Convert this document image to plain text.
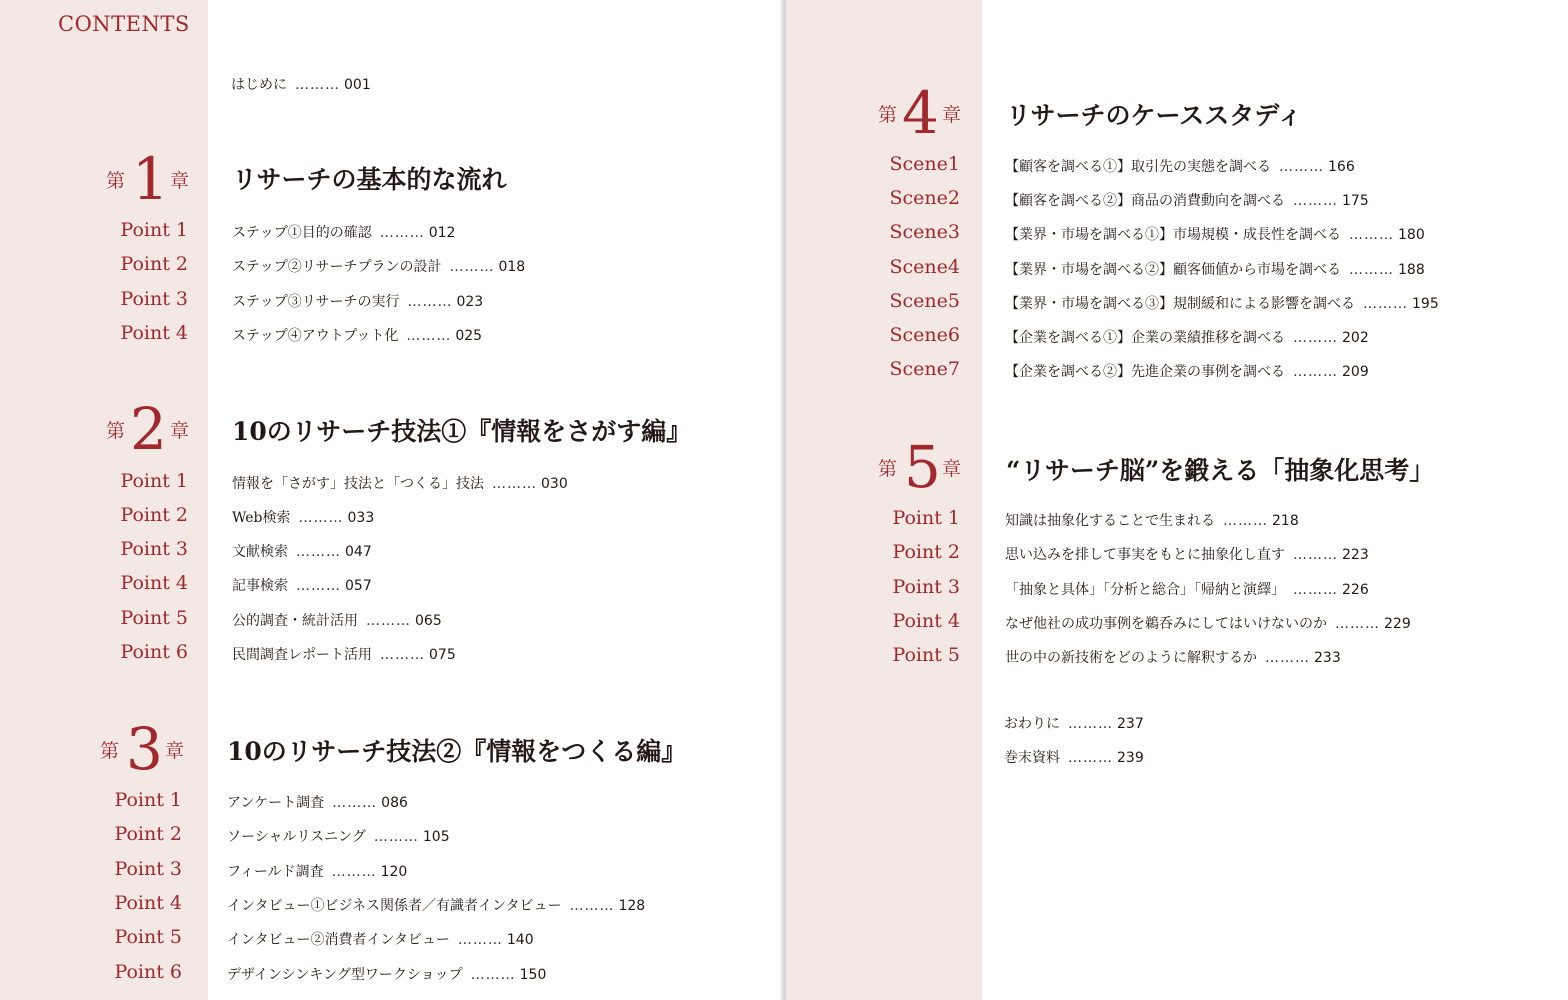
CONTENTS
はじめに ……… 001
第 1 章 リサーチの基本的な流れ
Point 1	ステップ①目的の確認 ……… 012
Point 2	ステップ②リサーチプランの設計 ……… 018
Point 3	ステップ③リサーチの実行 ……… 023
Point 4	ステップ④アウトプット化 ……… 025
第 2 章 10のリサーチ技法①『情報をさがす編』
Point 1	情報を「さがす」技法と「つくる」技法 ……… 030
Point 2	Web検索 ……… 033
Point 3	文献検索 ……… 047
Point 4	記事検索 ……… 057
Point 5	公的調査・統計活用 ……… 065
Point 6	民間調査レポート活用 ……… 075
第 3 章 10のリサーチ技法②『情報をつくる編』
Point 1	アンケート調査 ……… 086
Point 2	ソーシャルリスニング ……… 105
Point 3	フィールド調査 ……… 120
Point 4	インタビュー①ビジネス関係者／有識者インタビュー ……… 128
Point 5	インタビュー②消費者インタビュー ……… 140
Point 6	デザインシンキング型ワークショップ ……… 150
第 4 章 リサーチのケーススタディ
Scene1	【顧客を調べる①】取引先の実態を調べる ……… 166
Scene2	【顧客を調べる②】商品の消費動向を調べる ……… 175
Scene3	【業界・市場を調べる①】市場規模・成長性を調べる ……… 180
Scene4	【業界・市場を調べる②】顧客価値から市場を調べる ……… 188
Scene5	【業界・市場を調べる③】規制緩和による影響を調べる ……… 195
Scene6	【企業を調べる①】企業の業績推移を調べる ……… 202
Scene7	【企業を調べる②】先進企業の事例を調べる ……… 209
第 5 章 “リサーチ脳”を鍛える「抽象化思考」
Point 1	知識は抽象化することで生まれる ……… 218
Point 2	思い込みを排して事実をもとに抽象化し直す ……… 223
Point 3	「抽象と具体」「分析と総合」「帰納と演繹」 ……… 226
Point 4	なぜ他社の成功事例を鵜呑みにしてはいけないのか ……… 229
Point 5	世の中の新技術をどのように解釈するか ……… 233
おわりに ……… 237
巻末資料 ……… 239
